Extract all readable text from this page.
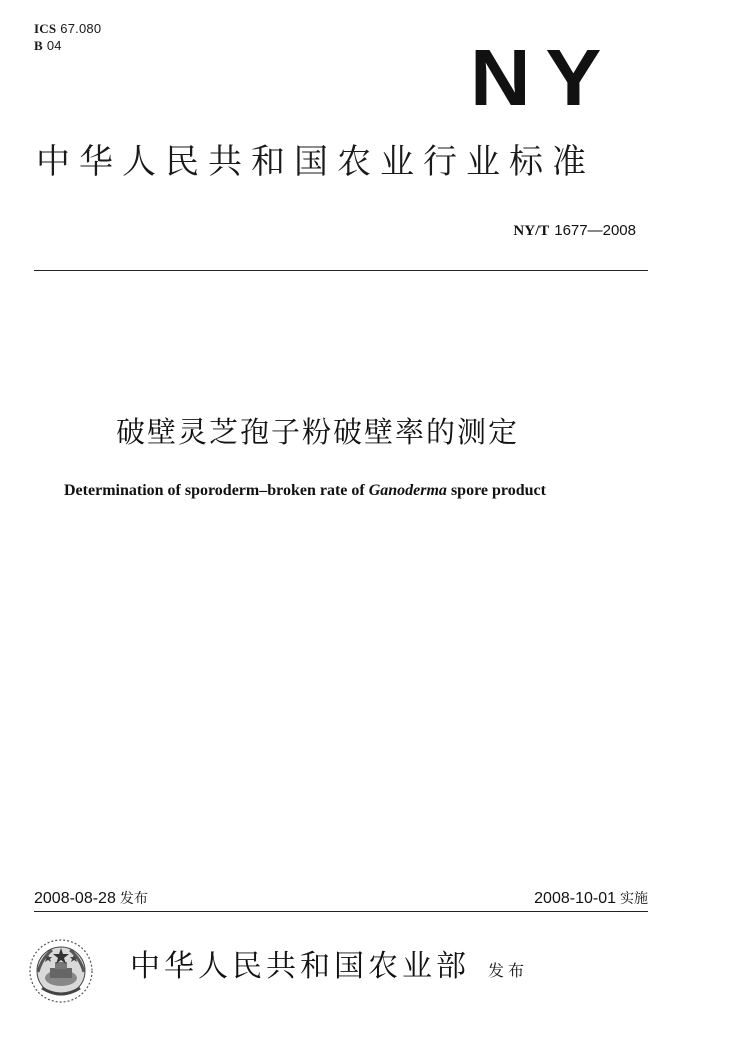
ICS 67.080
B 04	NY
中华人民共和国农业行业标准
NY/T 1677—2008
破壁灵芝孢子粉破壁率的测定
Determination of sporoderm–broken rate of Ganoderma spore product
2008-08-28 发布	2008-10-01 实施
中华人民共和国农业部 发布
